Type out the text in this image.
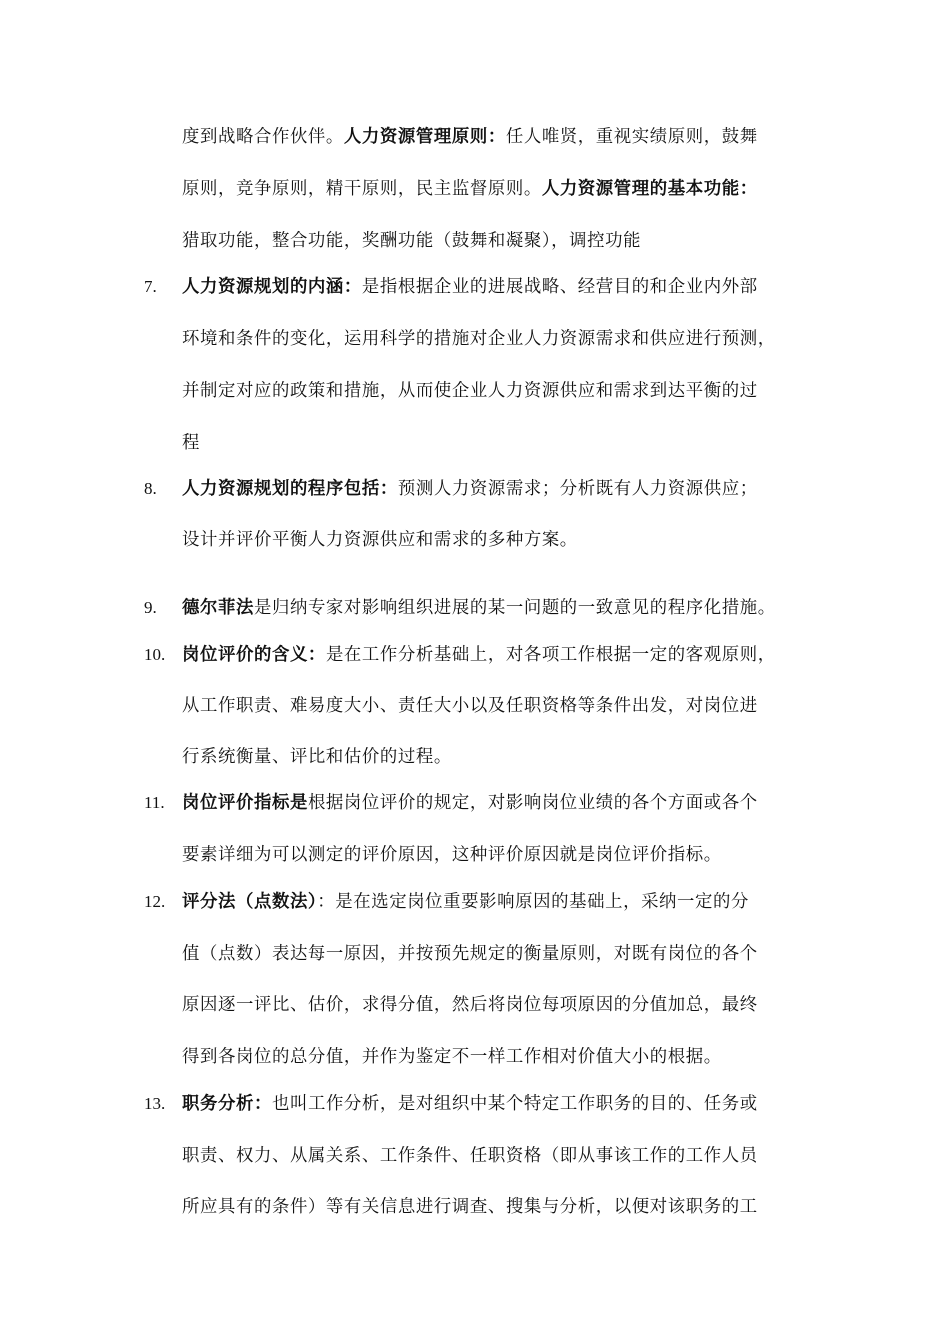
度到战略合作伙伴。人力资源管理原则：任人唯贤，重视实绩原则，鼓舞
原则，竞争原则，精干原则，民主监督原则。人力资源管理的基本功能：
猎取功能，整合功能，奖酬功能（鼓舞和凝聚），调控功能
7. 人力资源规划的内涵：是指根据企业的进展战略、经营目的和企业内外部
环境和条件的变化，运用科学的措施对企业人力资源需求和供应进行预测，
并制定对应的政策和措施，从而使企业人力资源供应和需求到达平衡的过
程
8. 人力资源规划的程序包括：预测人力资源需求；分析既有人力资源供应；
设计并评价平衡人力资源供应和需求的多种方案。
9. 德尔菲法是归纳专家对影响组织进展的某一问题的一致意见的程序化措施。
10. 岗位评价的含义：是在工作分析基础上，对各项工作根据一定的客观原则，
从工作职责、难易度大小、责任大小以及任职资格等条件出发，对岗位进
行系统衡量、评比和估价的过程。
11. 岗位评价指标是根据岗位评价的规定，对影响岗位业绩的各个方面或各个
要素详细为可以测定的评价原因，这种评价原因就是岗位评价指标。
12. 评分法（点数法）：是在选定岗位重要影响原因的基础上，采纳一定的分
值（点数）表达每一原因，并按预先规定的衡量原则，对既有岗位的各个
原因逐一评比、估价，求得分值，然后将岗位每项原因的分值加总，最终
得到各岗位的总分值，并作为鉴定不一样工作相对价值大小的根据。
13. 职务分析：也叫工作分析，是对组织中某个特定工作职务的目的、任务或
职责、权力、从属关系、工作条件、任职资格（即从事该工作的工作人员
所应具有的条件）等有关信息进行调查、搜集与分析，以便对该职务的工
